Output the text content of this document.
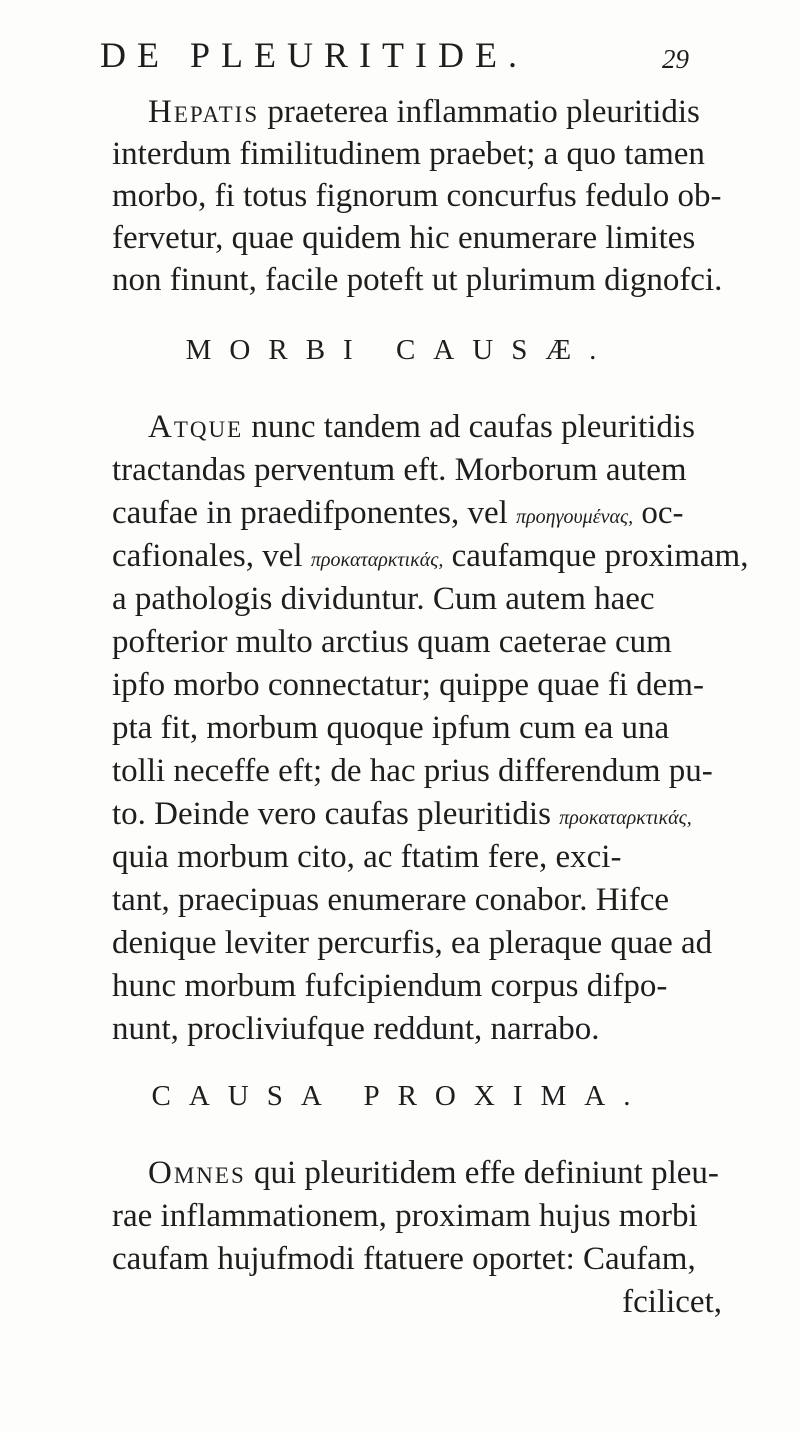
DE PLEURITIDE.	29
Hepatis praeterea inflammatio pleuritidis
interdum fimilitudinem praebet; a quo tamen
morbo, fi totus fignorum concurfus fedulo ob-
fervetur, quae quidem hic enumerare limites
non finunt, facile poteft ut plurimum dignofci.
MORBI CAUSÆ.
Atque nunc tandem ad caufas pleuritidis
tractandas perventum eft. Morborum autem
caufae in praedifponentes, vel προηγουμένας, oc-
cafionales, vel προκαταρκτικάς, caufamque proximam,
a pathologis dividuntur. Cum autem haec
pofterior multo arctius quam caeterae cum
ipfo morbo connectatur; quippe quae fi dem-
pta fit, morbum quoque ipfum cum ea una
tolli neceffe eft; de hac prius differendum pu-
to. Deinde vero caufas pleuritidis προκαταρκτικάς,
quia morbum cito, ac ftatim fere, exci-
tant, praecipuas enumerare conabor. Hifce
denique leviter percurfis, ea pleraque quae ad
hunc morbum fufcipiendum corpus difpo-
nunt, procliviufque reddunt, narrabo.
CAUSA PROXIMA.
Omnes qui pleuritidem effe definiunt pleu-
rae inflammationem, proximam hujus morbi
caufam hujufmodi ftatuere oportet: Caufam,
fcilicet,
